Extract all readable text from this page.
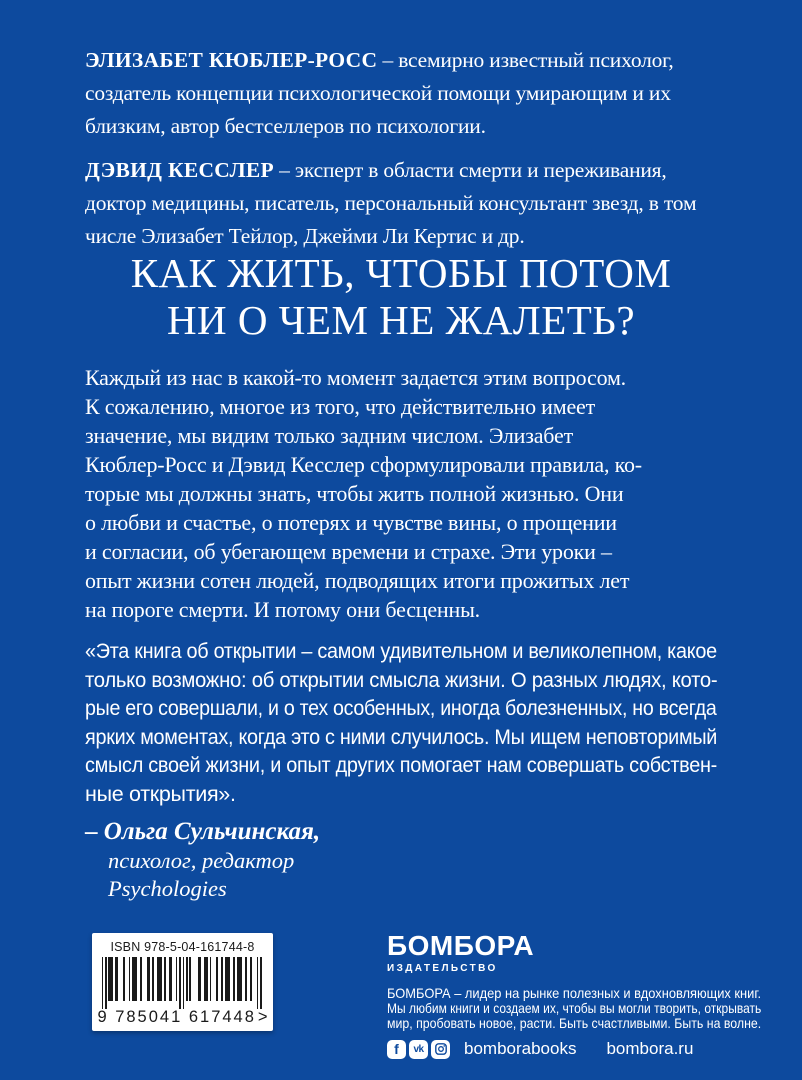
ЭЛИЗАБЕТ КЮБЛЕР-РОСС – всемирно известный психолог,
создатель концепции психологической помощи умирающим и их
близким, автор бестселлеров по психологии.
ДЭВИД КЕССЛЕР – эксперт в области смерти и переживания,
доктор медицины, писатель, персональный консультант звезд, в том
числе Элизабет Тейлор, Джейми Ли Кертис и др.
КАК ЖИТЬ, ЧТОБЫ ПОТОМ
НИ О ЧЕМ НЕ ЖАЛЕТЬ?
Каждый из нас в какой-то момент задается этим вопросом.
К сожалению, многое из того, что действительно имеет
значение, мы видим только задним числом. Элизабет
Кюблер-Росс и Дэвид Кесслер сформулировали правила, ко-
торые мы должны знать, чтобы жить полной жизнью. Они
о любви и счастье, о потерях и чувстве вины, о прощении
и согласии, об убегающем времени и страхе. Эти уроки –
опыт жизни сотен людей, подводящих итоги прожитых лет
на пороге смерти. И потому они бесценны.
«Эта книга об открытии – самом удивительном и великолепном, какое
только возможно: об открытии смысла жизни. О разных людях, кото-
рые его совершали, и о тех особенных, иногда болезненных, но всегда
ярких моментах, когда это с ними случилось. Мы ищем неповторимый
смысл своей жизни, и опыт других помогает нам совершать собствен-
ные открытия».
– Ольга Сульчинская,
психолог, редактор
Psychologies
ISBN 978-5-04-161744-8
9 785041 617448 >
БОМБОРА
ИЗДАТЕЛЬСТВО
БОМБОРА – лидер на рынке полезных и вдохновляющих книг.
Мы любим книги и создаем их, чтобы вы могли творить, открывать
мир, пробовать новое, расти. Быть счастливыми. Быть на волне.
f	vk bomborabooks bombora.ru
